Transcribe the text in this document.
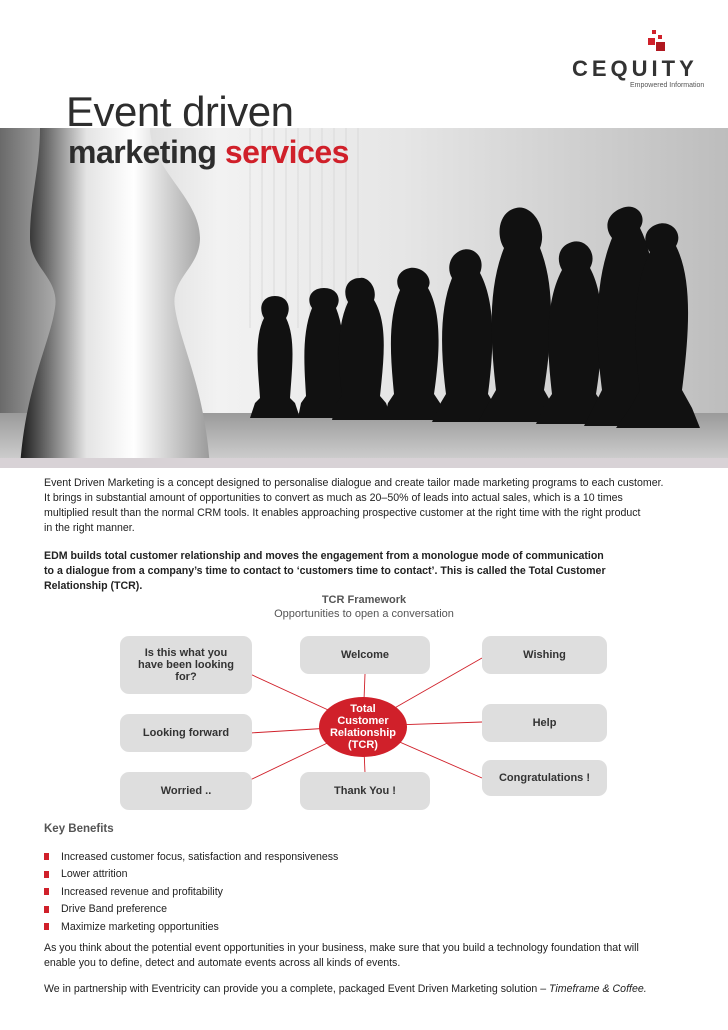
CEQUITY
Empowered Information
Event driven
marketing services

Event Driven Marketing is a concept designed to personalise dialogue and create tailor made marketing programs to each customer.
It brings in substantial amount of opportunities to convert as much as 20–50% of leads into actual sales, which is a 10 times
multiplied result than the normal CRM tools. It enables approaching prospective customer at the right time with the right product
in the right manner.

EDM builds total customer relationship and moves the engagement from a monologue mode of communication
to a dialogue from a company’s time to contact to ‘customers time to contact’. This is called the Total Customer
Relationship (TCR).

TCR Framework
Opportunities to open a conversation
Is this what you
have been looking
for?
Welcome	Wishing
Looking forward
Help
Congratulations !
Worried ..	Thank You !
Total
Customer
Relationship
(TCR)
Key Benefits
Increased customer focus, satisfaction and responsiveness
Lower attrition
Increased revenue and profitability
Drive Band preference
Maximize marketing opportunities

As you think about the potential event opportunities in your business, make sure that you build a technology foundation that will
enable you to define, detect and automate events across all kinds of events.

We in partnership with Eventricity can provide you a complete, packaged Event Driven Marketing solution – Timeframe & Coffee.
